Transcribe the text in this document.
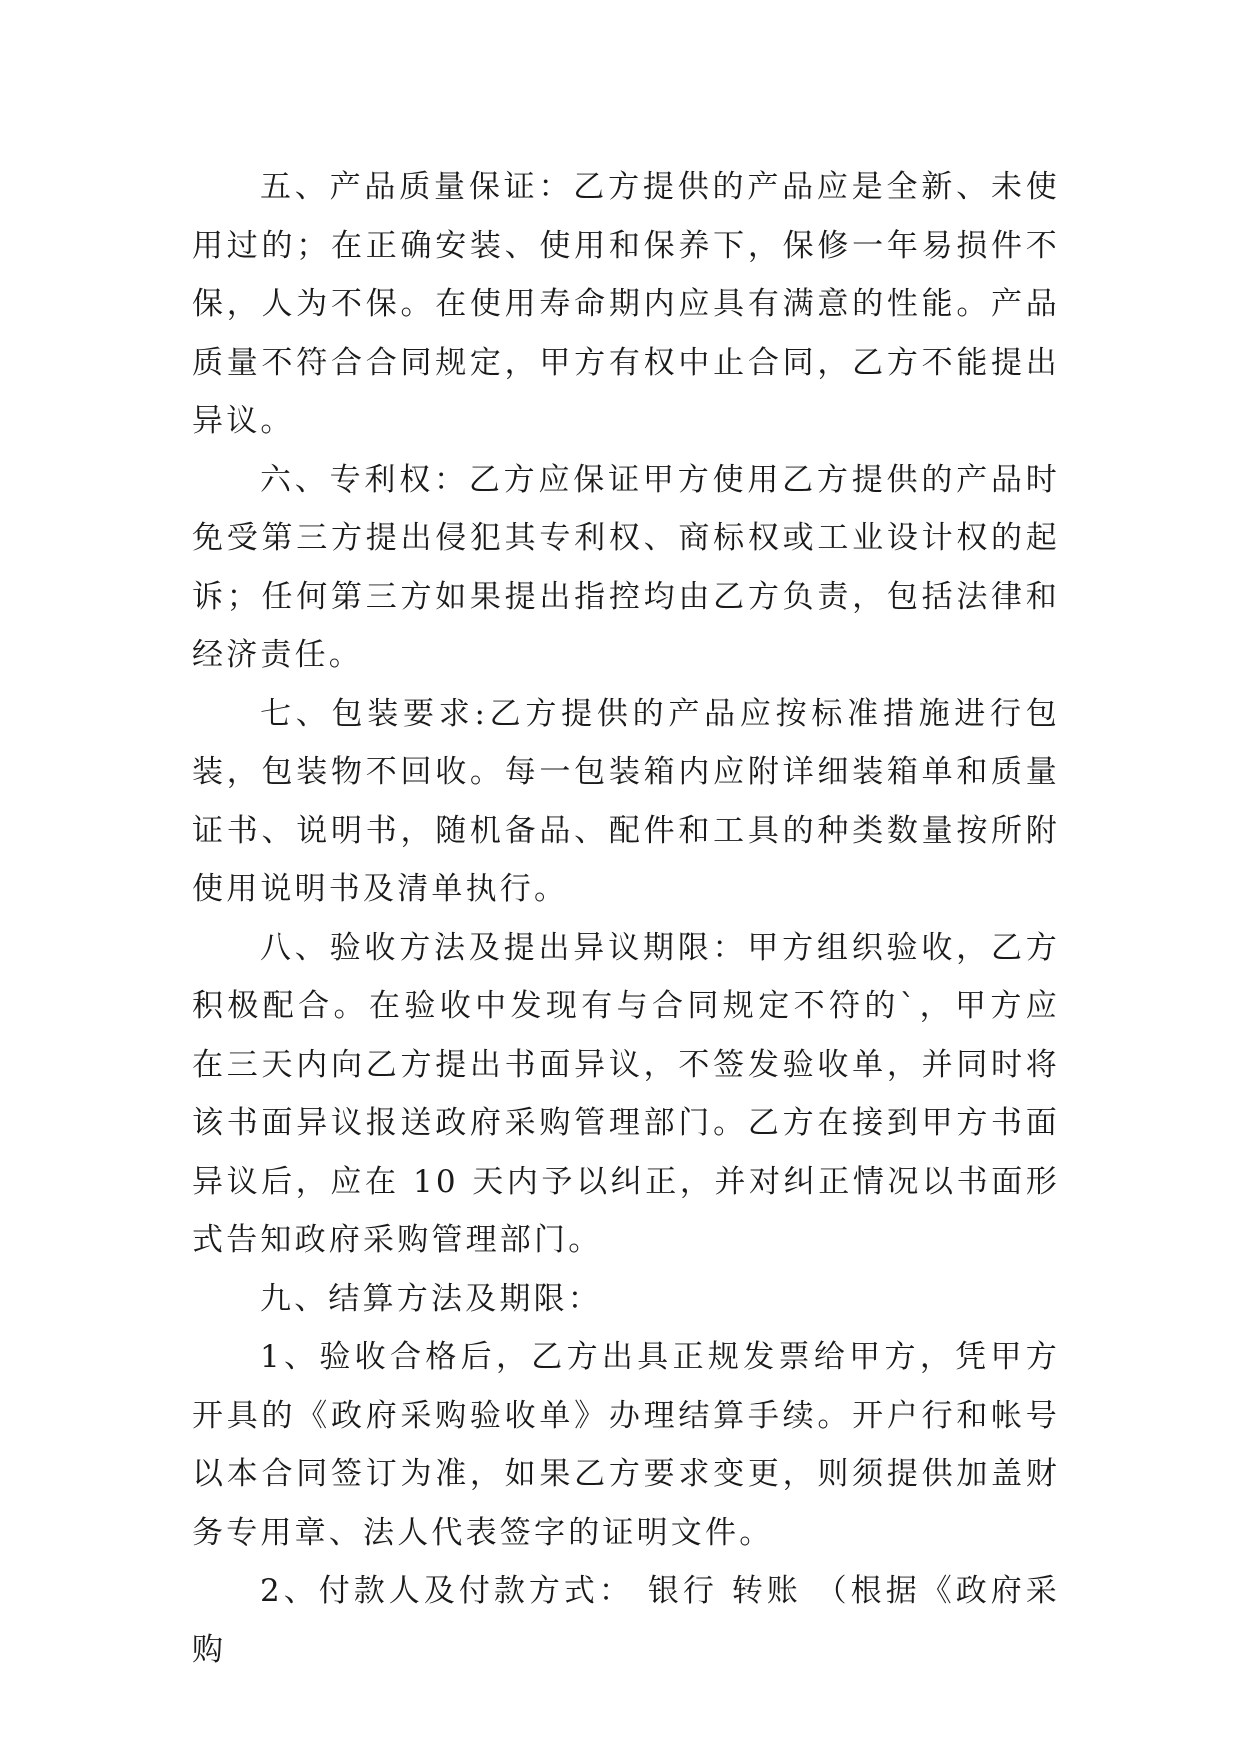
五、产品质量保证：乙方提供的产品应是全新、未使用过的；在正确安装、使用和保养下，保修一年易损件不保，人为不保。在使用寿命期内应具有满意的性能。产品质量不符合合同规定，甲方有权中止合同，乙方不能提出异议。

六、专利权：乙方应保证甲方使用乙方提供的产品时免受第三方提出侵犯其专利权、商标权或工业设计权的起诉；任何第三方如果提出指控均由乙方负责，包括法律和经济责任。

七、包装要求:乙方提供的产品应按标准措施进行包装，包装物不回收。每一包装箱内应附详细装箱单和质量证书、说明书，随机备品、配件和工具的种类数量按所附使用说明书及清单执行。

八、验收方法及提出异议期限：甲方组织验收，乙方积极配合。在验收中发现有与合同规定不符的`，甲方应在三天内向乙方提出书面异议，不签发验收单，并同时将该书面异议报送政府采购管理部门。乙方在接到甲方书面异议后，应在 10 天内予以纠正，并对纠正情况以书面形式告知政府采购管理部门。

九、结算方法及期限：

1、验收合格后，乙方出具正规发票给甲方，凭甲方开具的《政府采购验收单》办理结算手续。开户行和帐号以本合同签订为准，如果乙方要求变更，则须提供加盖财务专用章、法人代表签字的证明文件。

2、付款人及付款方式： 银行 转账 （根据《政府采购
